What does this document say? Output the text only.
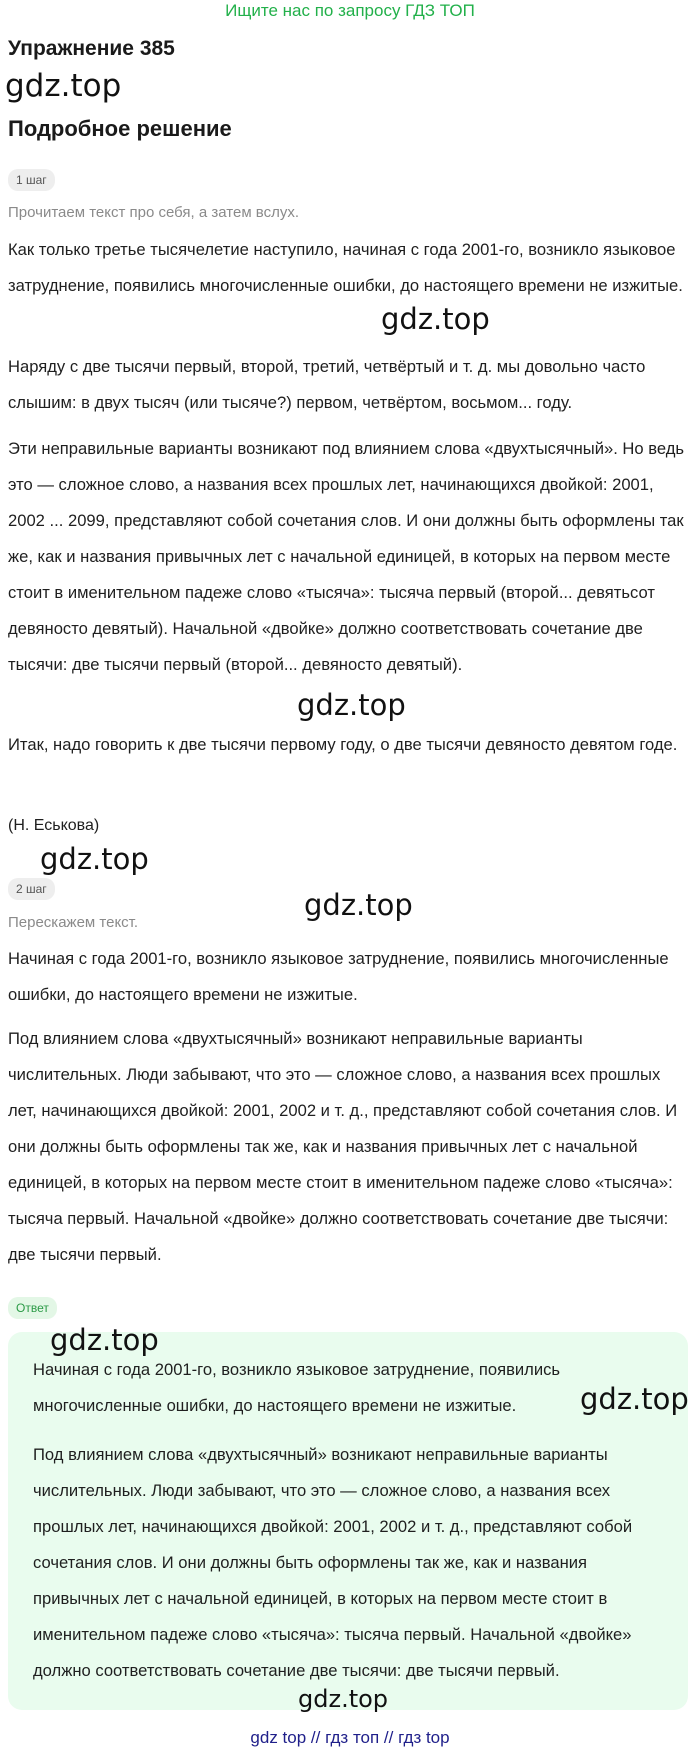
Ищите нас по запросу ГДЗ ТОП
Упражнение 385
gdz.top
Подробное решение
1 шаг
Прочитаем текст про себя, а затем вслух.

Как только третье тысячелетие наступило, начиная с года 2001-го, возникло языковое затруднение, появились многочисленные ошибки, до настоящего времени не изжитые.

gdz.top

Наряду с две тысячи первый, второй, третий, четвёртый и т. д. мы довольно часто слышим: в двух тысяч (или тысяче?) первом, четвёртом, восьмом... году.

Эти неправильные варианты возникают под влиянием слова «двухтысячный». Но ведь это — сложное слово, а названия всех прошлых лет, начинающихся двойкой: 2001, 2002 ... 2099, представляют собой сочетания слов. И они должны быть оформлены так же, как и названия привычных лет с начальной единицей, в которых на первом месте стоит в именительном падеже слово «тысяча»: тысяча первый (второй... девятьсот девяносто девятый). Начальной «двойке» должно соответствовать сочетание две тысячи: две тысячи первый (второй... девяносто девятый).

gdz.top

Итак, надо говорить к две тысячи первому году, о две тысячи девяносто девятом годе.

(Н. Еськова)
gdz.top
2 шаг	gdz.top
Перескажем текст.

Начиная с года 2001-го, возникло языковое затруднение, появились многочисленные ошибки, до настоящего времени не изжитые.

Под влиянием слова «двухтысячный» возникают неправильные варианты числительных. Люди забывают, что это — сложное слово, а названия всех прошлых лет, начинающихся двойкой: 2001, 2002 и т. д., представляют собой сочетания слов. И они должны быть оформлены так же, как и названия привычных лет с начальной единицей, в которых на первом месте стоит в именительном падеже слово «тысяча»: тысяча первый. Начальной «двойке» должно соответствовать сочетание две тысячи: две тысячи первый.

Ответ
gdz.top

Начиная с года 2001-го, возникло языковое затруднение, появились многочисленные ошибки, до настоящего времени не изжитые.	gdz.top

Под влиянием слова «двухтысячный» возникают неправильные варианты числительных. Люди забывают, что это — сложное слово, а названия всех прошлых лет, начинающихся двойкой: 2001, 2002 и т. д., представляют собой сочетания слов. И они должны быть оформлены так же, как и названия привычных лет с начальной единицей, в которых на первом месте стоит в именительном падеже слово «тысяча»: тысяча первый. Начальной «двойке» должно соответствовать сочетание две тысячи: две тысячи первый.

gdz.top
gdz top // гдз топ // гдз top
